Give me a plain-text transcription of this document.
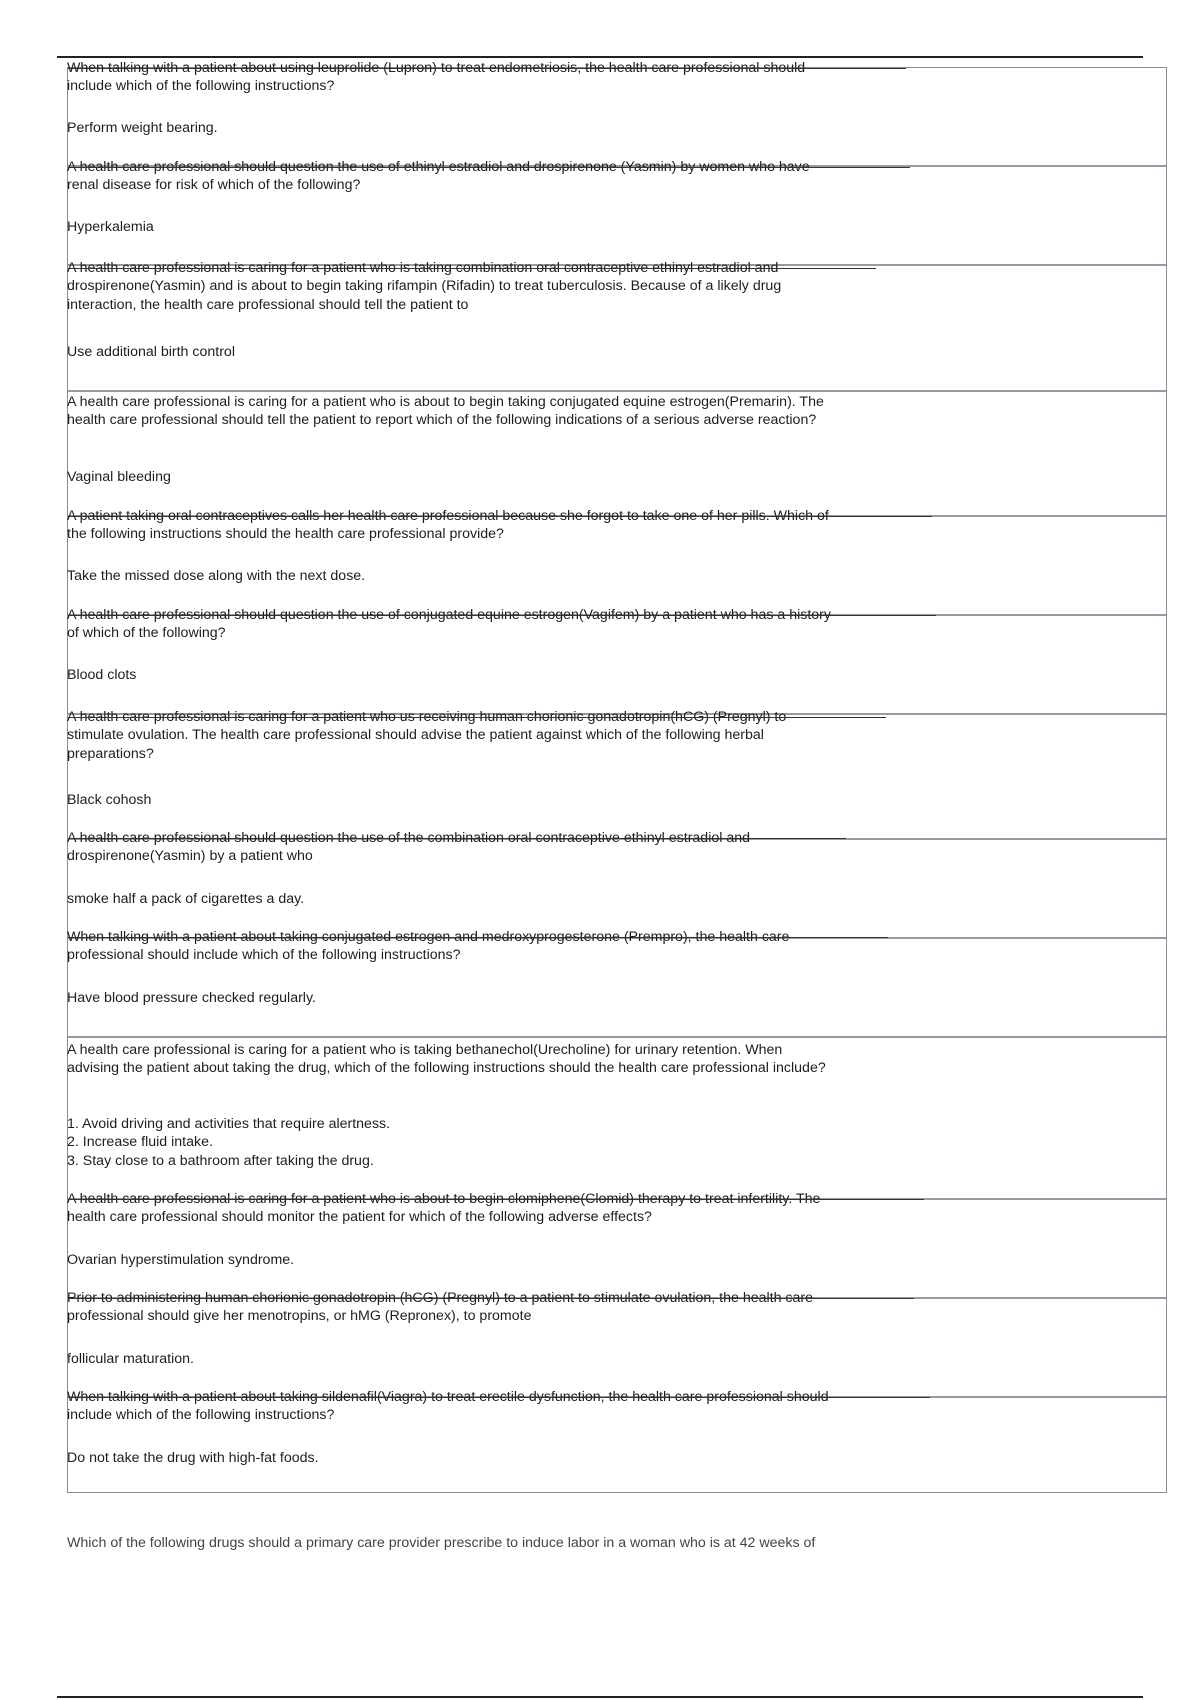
When talking with a patient about using leuprolide (Lupron) to treat endometriosis, the health care professional should
include which of the following instructions?
Perform weight bearing.
A health care professional should question the use of ethinyl estradiol and drospirenone (Yasmin) by women who have
renal disease for risk of which of the following?
Hyperkalemia
A health care professional is caring for a patient who is taking combination oral contraceptive ethinyl estradiol and
drospirenone(Yasmin) and is about to begin taking rifampin (Rifadin) to treat tuberculosis. Because of a likely drug
interaction, the health care professional should tell the patient to
Use additional birth control
A health care professional is caring for a patient who is about to begin taking conjugated equine estrogen(Premarin). The
health care professional should tell the patient to report which of the following indications of a serious adverse reaction?
Vaginal bleeding
A patient taking oral contraceptives calls her health care professional because she forgot to take one of her pills. Which of
the following instructions should the health care professional provide?
Take the missed dose along with the next dose.
A health care professional should question the use of conjugated equine estrogen(Vagifem) by a patient who has a history
of which of the following?
Blood clots
A health care professional is caring for a patient who us receiving human chorionic gonadotropin(hCG) (Pregnyl) to
stimulate ovulation. The health care professional should advise the patient against which of the following herbal
preparations?
Black cohosh
A health care professional should question the use of the combination oral contraceptive ethinyl estradiol and
drospirenone(Yasmin) by a patient who
smoke half a pack of cigarettes a day.
When talking with a patient about taking conjugated estrogen and medroxyprogesterone (Prempro), the health care
professional should include which of the following instructions?
Have blood pressure checked regularly.
A health care professional is caring for a patient who is taking bethanechol(Urecholine) for urinary retention. When
advising the patient about taking the drug, which of the following instructions should the health care professional include?
1. Avoid driving and activities that require alertness.
2. Increase fluid intake.
3. Stay close to a bathroom after taking the drug.
A health care professional is caring for a patient who is about to begin clomiphene(Clomid) therapy to treat infertility. The
health care professional should monitor the patient for which of the following adverse effects?
Ovarian hyperstimulation syndrome.
Prior to administering human chorionic gonadotropin (hCG) (Pregnyl) to a patient to stimulate ovulation, the health care
professional should give her menotropins, or hMG (Repronex), to promote
follicular maturation.
When talking with a patient about taking sildenafil(Viagra) to treat erectile dysfunction, the health care professional should
include which of the following instructions?
Do not take the drug with high-fat foods.
Which of the following drugs should a primary care provider prescribe to induce labor in a woman who is at 42 weeks of
